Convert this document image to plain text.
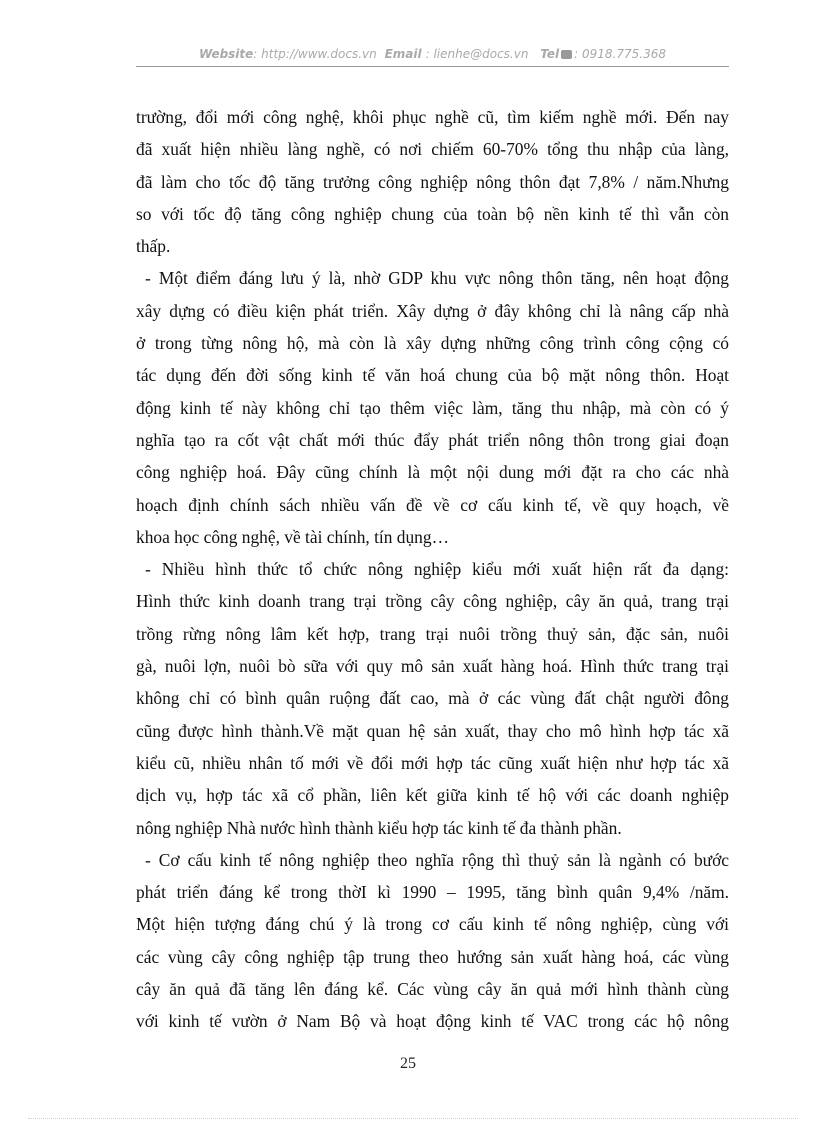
Website: http://www.docs.vn Email : lienhe@docs.vn Tel : 0918.775.368
trường, đổi mới công nghệ, khôi phục nghề cũ, tìm kiếm nghề mới. Đến nay
đã xuất hiện nhiều làng nghề, có nơi chiếm 60-70% tổng thu nhập của làng,
đã làm cho tốc độ tăng trưởng công nghiệp nông thôn đạt 7,8% / năm.Nhưng
so với tốc độ tăng công nghiệp chung của toàn bộ nền kinh tế thì vẫn còn
thấp.
- Một điểm đáng lưu ý là, nhờ GDP khu vực nông thôn tăng, nên hoạt động
xây dựng có điều kiện phát triển. Xây dựng ở đây không chỉ là nâng cấp nhà
ở trong từng nông hộ, mà còn là xây dựng những công trình công cộng có
tác dụng đến đời sống kinh tế văn hoá chung của bộ mặt nông thôn. Hoạt
động kinh tế này không chỉ tạo thêm việc làm, tăng thu nhập, mà còn có ý
nghĩa tạo ra cốt vật chất mới thúc đẩy phát triển nông thôn trong giai đoạn
công nghiệp hoá. Đây cũng chính là một nội dung mới đặt ra cho các nhà
hoạch định chính sách nhiều vấn đề về cơ cấu kinh tế, về quy hoạch, về
khoa học công nghệ, về tài chính, tín dụng…
- Nhiều hình thức tổ chức nông nghiệp kiểu mới xuất hiện rất đa dạng:
Hình thức kinh doanh trang trại trồng cây công nghiệp, cây ăn quả, trang trại
trồng rừng nông lâm kết hợp, trang trại nuôi trồng thuỷ sản, đặc sản, nuôi
gà, nuôi lợn, nuôi bò sữa với quy mô sản xuất hàng hoá. Hình thức trang trại
không chỉ có bình quân ruộng đất cao, mà ở các vùng đất chật người đông
cũng được hình thành.Về mặt quan hệ sản xuất, thay cho mô hình hợp tác xã
kiểu cũ, nhiều nhân tố mới về đổi mới hợp tác cũng xuất hiện như hợp tác xã
dịch vụ, hợp tác xã cổ phần, liên kết giữa kinh tế hộ với các doanh nghiệp
nông nghiệp Nhà nước hình thành kiểu hợp tác kinh tế đa thành phần.
- Cơ cấu kinh tế nông nghiệp theo nghĩa rộng thì thuỷ sản là ngành có bước
phát triển đáng kể trong thờI kì 1990 – 1995, tăng bình quân 9,4% /năm.
Một hiện tượng đáng chú ý là trong cơ cấu kinh tế nông nghiệp, cùng với
các vùng cây công nghiệp tập trung theo hướng sản xuất hàng hoá, các vùng
cây ăn quả đã tăng lên đáng kể. Các vùng cây ăn quả mới hình thành cùng
với kinh tế vườn ở Nam Bộ và hoạt động kinh tế VAC trong các hộ nông
25
